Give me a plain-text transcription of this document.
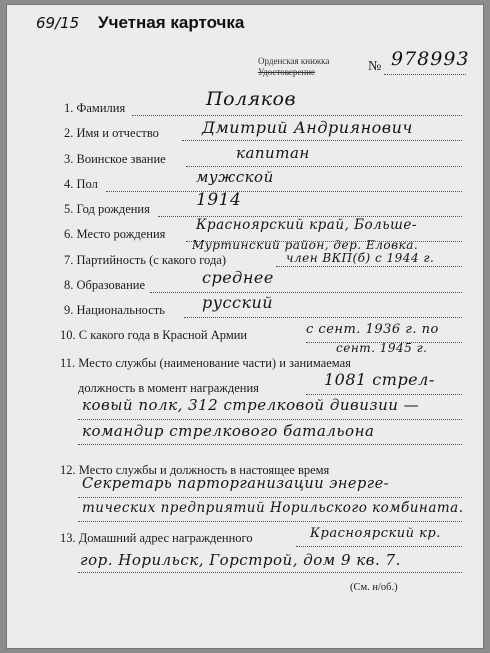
69/15 Учетная карточка
Орденская книжка
Удостоверение	№ 978993
1. Фамилия	Поляков
2. Имя и отчество	Дмитрий Андриянович
3. Воинское звание	капитан
4. Пол	мужской
5. Год рождения	1914
6. Место рождения
Красноярский край, Больше-
Муртинский район, дер. Еловка.
7. Партийность (с какого года)	член ВКП(б) с 1944 г.
8. Образование	среднее
9. Национальность русский
10. С какого года в Красной Армии	с сент. 1936 г. по
сент. 1945 г.
11. Место службы (наименование части) и занимаемая
должность в момент награждения	1081 стрел-
ковый полк, 312 стрелковой дивизии —
командир стрелкового батальона
12. Место службы и должность в настоящее время
Секретарь парторганизации энерге-
тических предприятий Норильского комбината.
13. Домашний адрес награжденного	Красноярский кр.
гор. Норильск, Горстрой, дом 9 кв. 7.
(См. н/об.)
